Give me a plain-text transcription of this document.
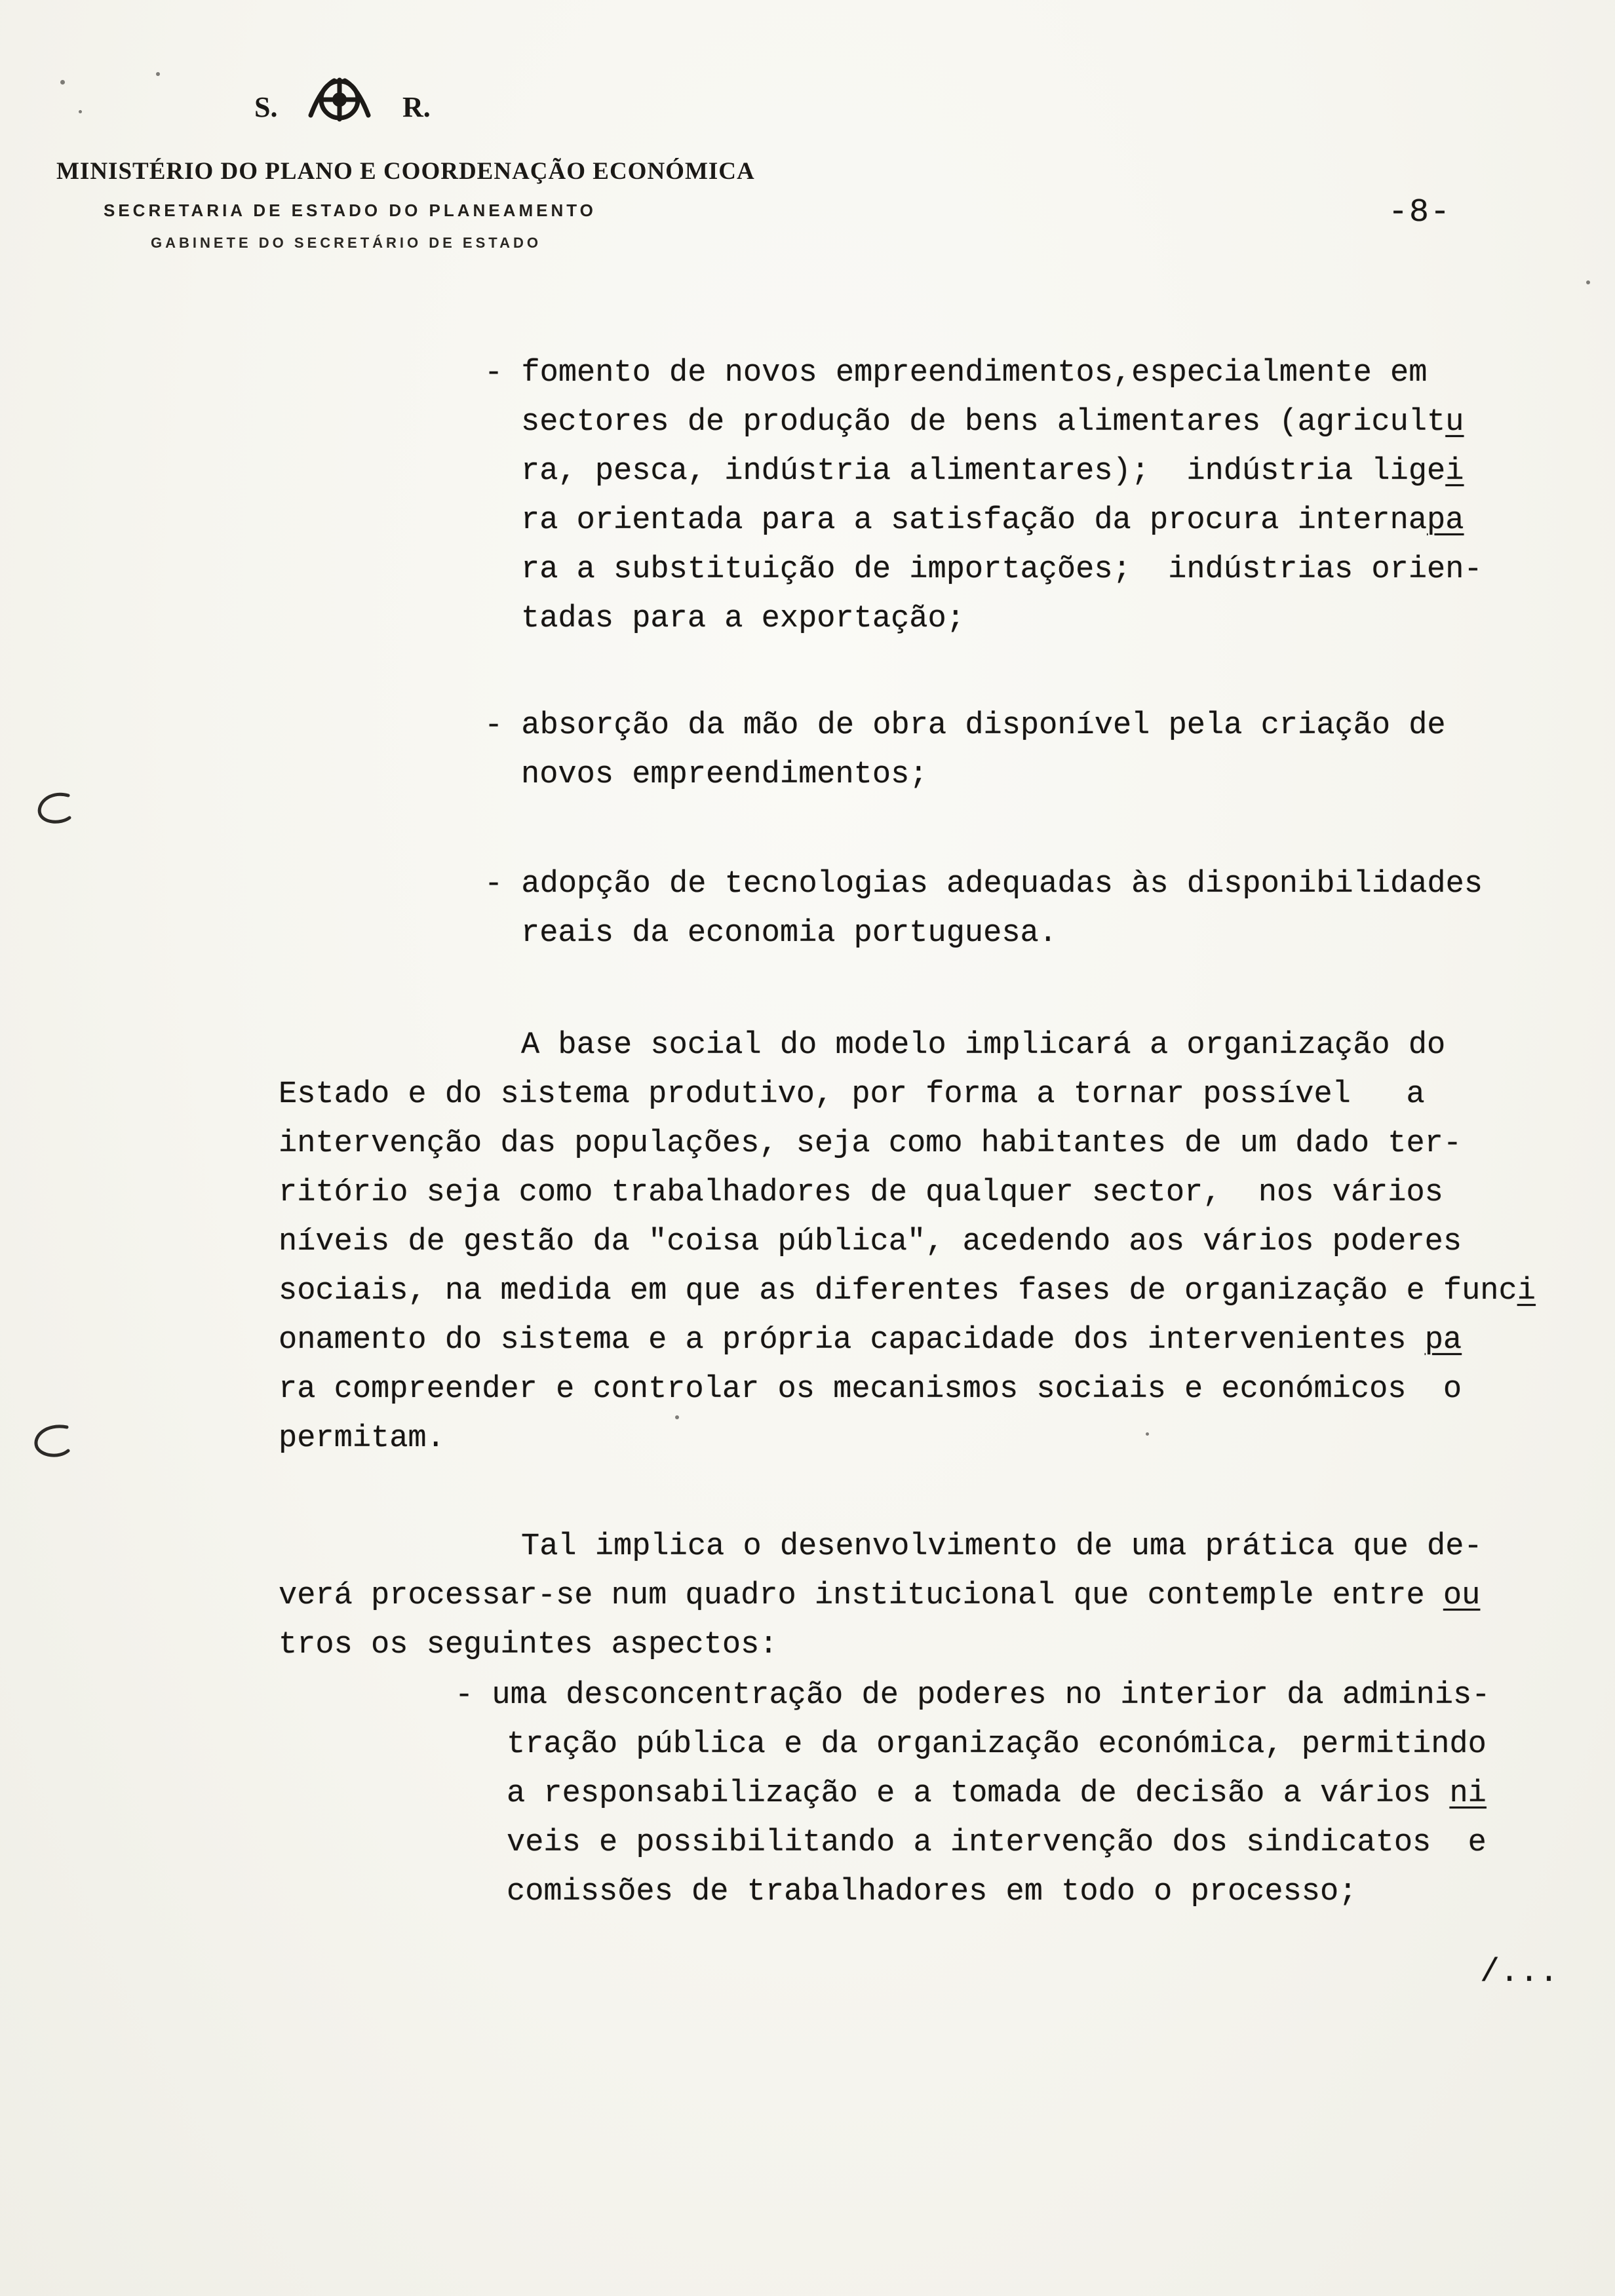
S.	R.
MINISTÉRIO DO PLANO E COORDENAÇÃO ECONÓMICA
SECRETARIA DE ESTADO DO PLANEAMENTO
GABINETE DO SECRETÁRIO DE ESTADO
-8-
- fomento de novos empreendimentos,especialmente em
sectores de produção de bens alimentares (agricultu
ra, pesca, indústria alimentares);  indústria ligei
ra orientada para a satisfação da procura internapa
ra a substituição de importações;  indústrias orien-
tadas para a exportação;
- absorção da mão de obra disponível pela criação de
novos empreendimentos;
- adopção de tecnologias adequadas às disponibilidades
reais da economia portuguesa.
A base social do modelo implicará a organização do
Estado e do sistema produtivo, por forma a tornar possível   a
intervenção das populações, seja como habitantes de um dado ter-
ritório seja como trabalhadores de qualquer sector,  nos vários
níveis de gestão da "coisa pública", acedendo aos vários poderes
sociais, na medida em que as diferentes fases de organização e funci
onamento do sistema e a própria capacidade dos intervenientes pa
ra compreender e controlar os mecanismos sociais e económicos  o
permitam.
Tal implica o desenvolvimento de uma prática que de-
verá processar-se num quadro institucional que contemple entre ou
tros os seguintes aspectos:
- uma desconcentração de poderes no interior da adminis-
tração pública e da organização económica, permitindo
a responsabilização e a tomada de decisão a vários ni
veis e possibilitando a intervenção dos sindicatos  e
comissões de trabalhadores em todo o processo;
/...
